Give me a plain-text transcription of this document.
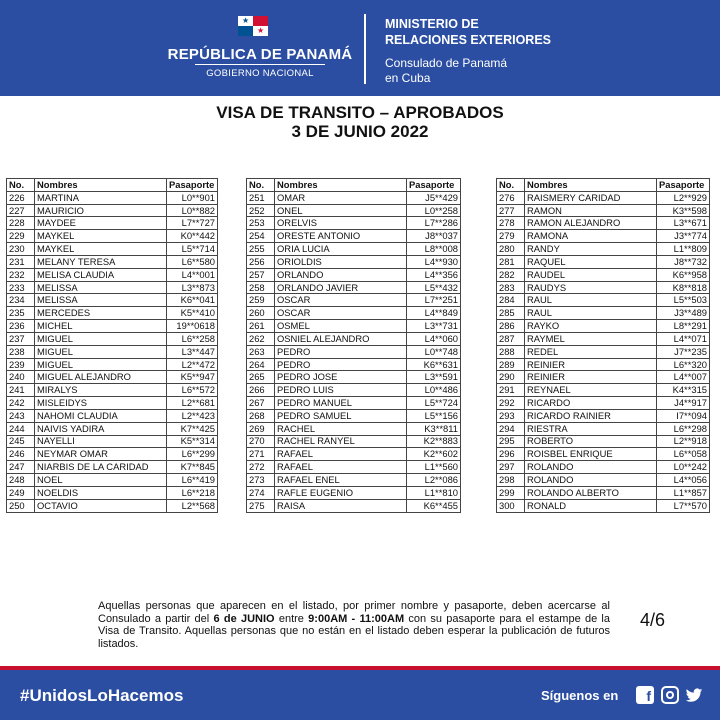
★
★
REPÚBLICA DE PANAMÁ
GOBIERNO NACIONAL
MINISTERIO DE
RELACIONES EXTERIORES
Consulado de Panamá
en Cuba
VISA DE TRANSITO – APROBADOS
3 DE JUNIO 2022
No.	Nombres	Pasaporte
226	MARTINA	L0**901
227	MAURICIO	L0**882
228	MAYDEE	L7**727
229	MAYKEL	K0**442
230	MAYKEL	L5**714
231	MELANY TERESA	L6**580
232	MELISA CLAUDIA	L4**001
233	MELISSA	L3**873
234	MELISSA	K6**041
235	MERCEDES	K5**410
236	MICHEL	19**0618
237	MIGUEL	L6**258
238	MIGUEL	L3**447
239	MIGUEL	L2**472
240	MIGUEL ALEJANDRO	K5**947
241	MIRALYS	L6**572
242	MISLEIDYS	L2**681
243	NAHOMI CLAUDIA	L2**423
244	NAIVIS YADIRA	K7**425
245	NAYELLI	K5**314
246	NEYMAR OMAR	L6**299
247	NIARBIS DE LA CARIDAD	K7**845
248	NOEL	L6**419
249	NOELDIS	L6**218
250	OCTAVIO	L2**568
No.	Nombres	Pasaporte
251	OMAR	J5**429
252	ONEL	L0**258
253	ORELVIS	L7**286
254	ORESTE ANTONIO	J8**037
255	ORIA LUCIA	L8**008
256	ORIOLDIS	L4**930
257	ORLANDO	L4**356
258	ORLANDO JAVIER	L5**432
259	OSCAR	L7**251
260	OSCAR	L4**849
261	OSMEL	L3**731
262	OSNIEL ALEJANDRO	L4**060
263	PEDRO	L0**748
264	PEDRO	K6**631
265	PEDRO JOSE	L3**591
266	PEDRO LUIS	L0**486
267	PEDRO MANUEL	L5**724
268	PEDRO SAMUEL	L5**156
269	RACHEL	K3**811
270	RACHEL RANYEL	K2**883
271	RAFAEL	K2**602
272	RAFAEL	L1**560
273	RAFAEL ENEL	L2**086
274	RAFLE EUGENIO	L1**810
275	RAISA	K6**455
No.	Nombres	Pasaporte
276	RAISMERY CARIDAD	L2**929
277	RAMON	K3**598
278	RAMON ALEJANDRO	L3**671
279	RAMONA	J3**774
280	RANDY	L1**809
281	RAQUEL	J8**732
282	RAUDEL	K6**958
283	RAUDYS	K8**818
284	RAUL	L5**503
285	RAUL	J3**489
286	RAYKO	L8**291
287	RAYMEL	L4**071
288	REDEL	J7**235
289	REINIER	L6**320
290	REINIER	L4**007
291	REYNAEL	K4**315
292	RICARDO	J4**917
293	RICARDO RAINIER	I7**094
294	RIESTRA	L6**298
295	ROBERTO	L2**918
296	ROISBEL ENRIQUE	L6**058
297	ROLANDO	L0**242
298	ROLANDO	L4**056
299	ROLANDO ALBERTO	L1**857
300	RONALD	L7**570
Aquellas personas que aparecen en el listado, por primer nombre y pasaporte, deben acercarse al Consulado a partir del 6 de JUNIO entre 9:00AM - 11:00AM con su pasaporte para el estampe de la Visa de Transito. Aquellas personas que no están en el listado deben esperar la publicación de futuros listados.
4/6
#UnidosLoHacemos	Síguenos en	f
